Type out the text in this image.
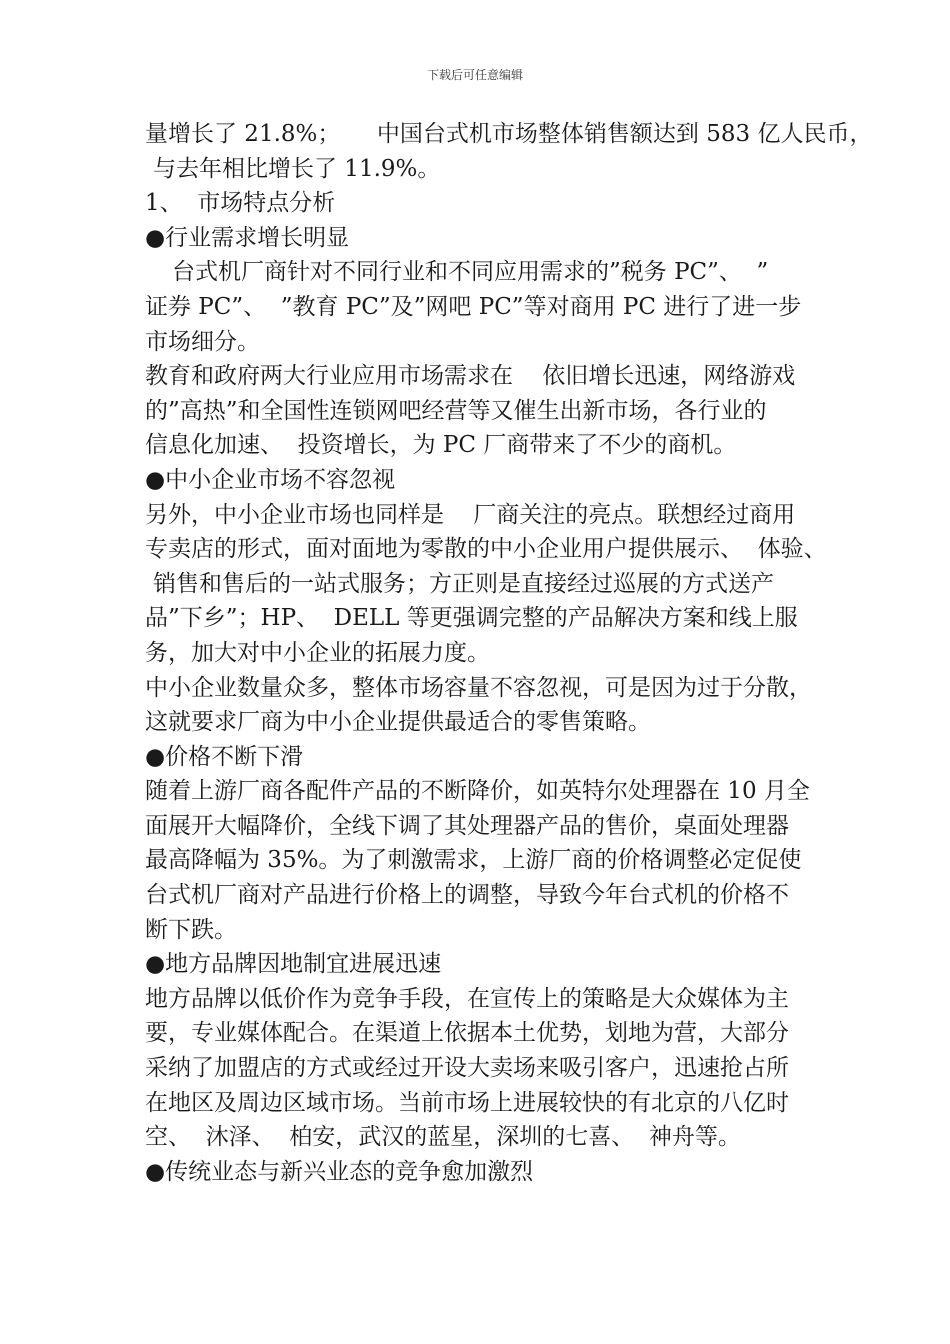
下载后可任意编辑
量增长了 21.8%；     中国台式机市场整体销售额达到 583 亿人民币，
与去年相比增长了 11.9%。
1、  市场特点分析
●行业需求增长明显
台式机厂商针对不同行业和不同应用需求的”税务 PC”、  ”
证券 PC”、  ”教育 PC”及”网吧 PC”等对商用 PC 进行了进一步
市场细分。
教育和政府两大行业应用市场需求在    依旧增长迅速，网络游戏
的”高热”和全国性连锁网吧经营等又催生出新市场，各行业的
信息化加速、  投资增长，为 PC 厂商带来了不少的商机。
●中小企业市场不容忽视
另外，中小企业市场也同样是    厂商关注的亮点。联想经过商用
专卖店的形式，面对面地为零散的中小企业用户提供展示、  体验、
销售和售后的一站式服务；方正则是直接经过巡展的方式送产
品”下乡”；HP、  DELL 等更强调完整的产品解决方案和线上服
务，加大对中小企业的拓展力度。
中小企业数量众多，整体市场容量不容忽视，可是因为过于分散，
这就要求厂商为中小企业提供最适合的零售策略。
●价格不断下滑
随着上游厂商各配件产品的不断降价，如英特尔处理器在 10 月全
面展开大幅降价，全线下调了其处理器产品的售价，桌面处理器
最高降幅为 35%。为了刺激需求，上游厂商的价格调整必定促使
台式机厂商对产品进行价格上的调整，导致今年台式机的价格不
断下跌。
●地方品牌因地制宜进展迅速
地方品牌以低价作为竞争手段，在宣传上的策略是大众媒体为主
要，专业媒体配合。在渠道上依据本土优势，划地为营，大部分
采纳了加盟店的方式或经过开设大卖场来吸引客户，迅速抢占所
在地区及周边区域市场。当前市场上进展较快的有北京的八亿时
空、  沐泽、  柏安，武汉的蓝星，深圳的七喜、  神舟等。
●传统业态与新兴业态的竞争愈加激烈
